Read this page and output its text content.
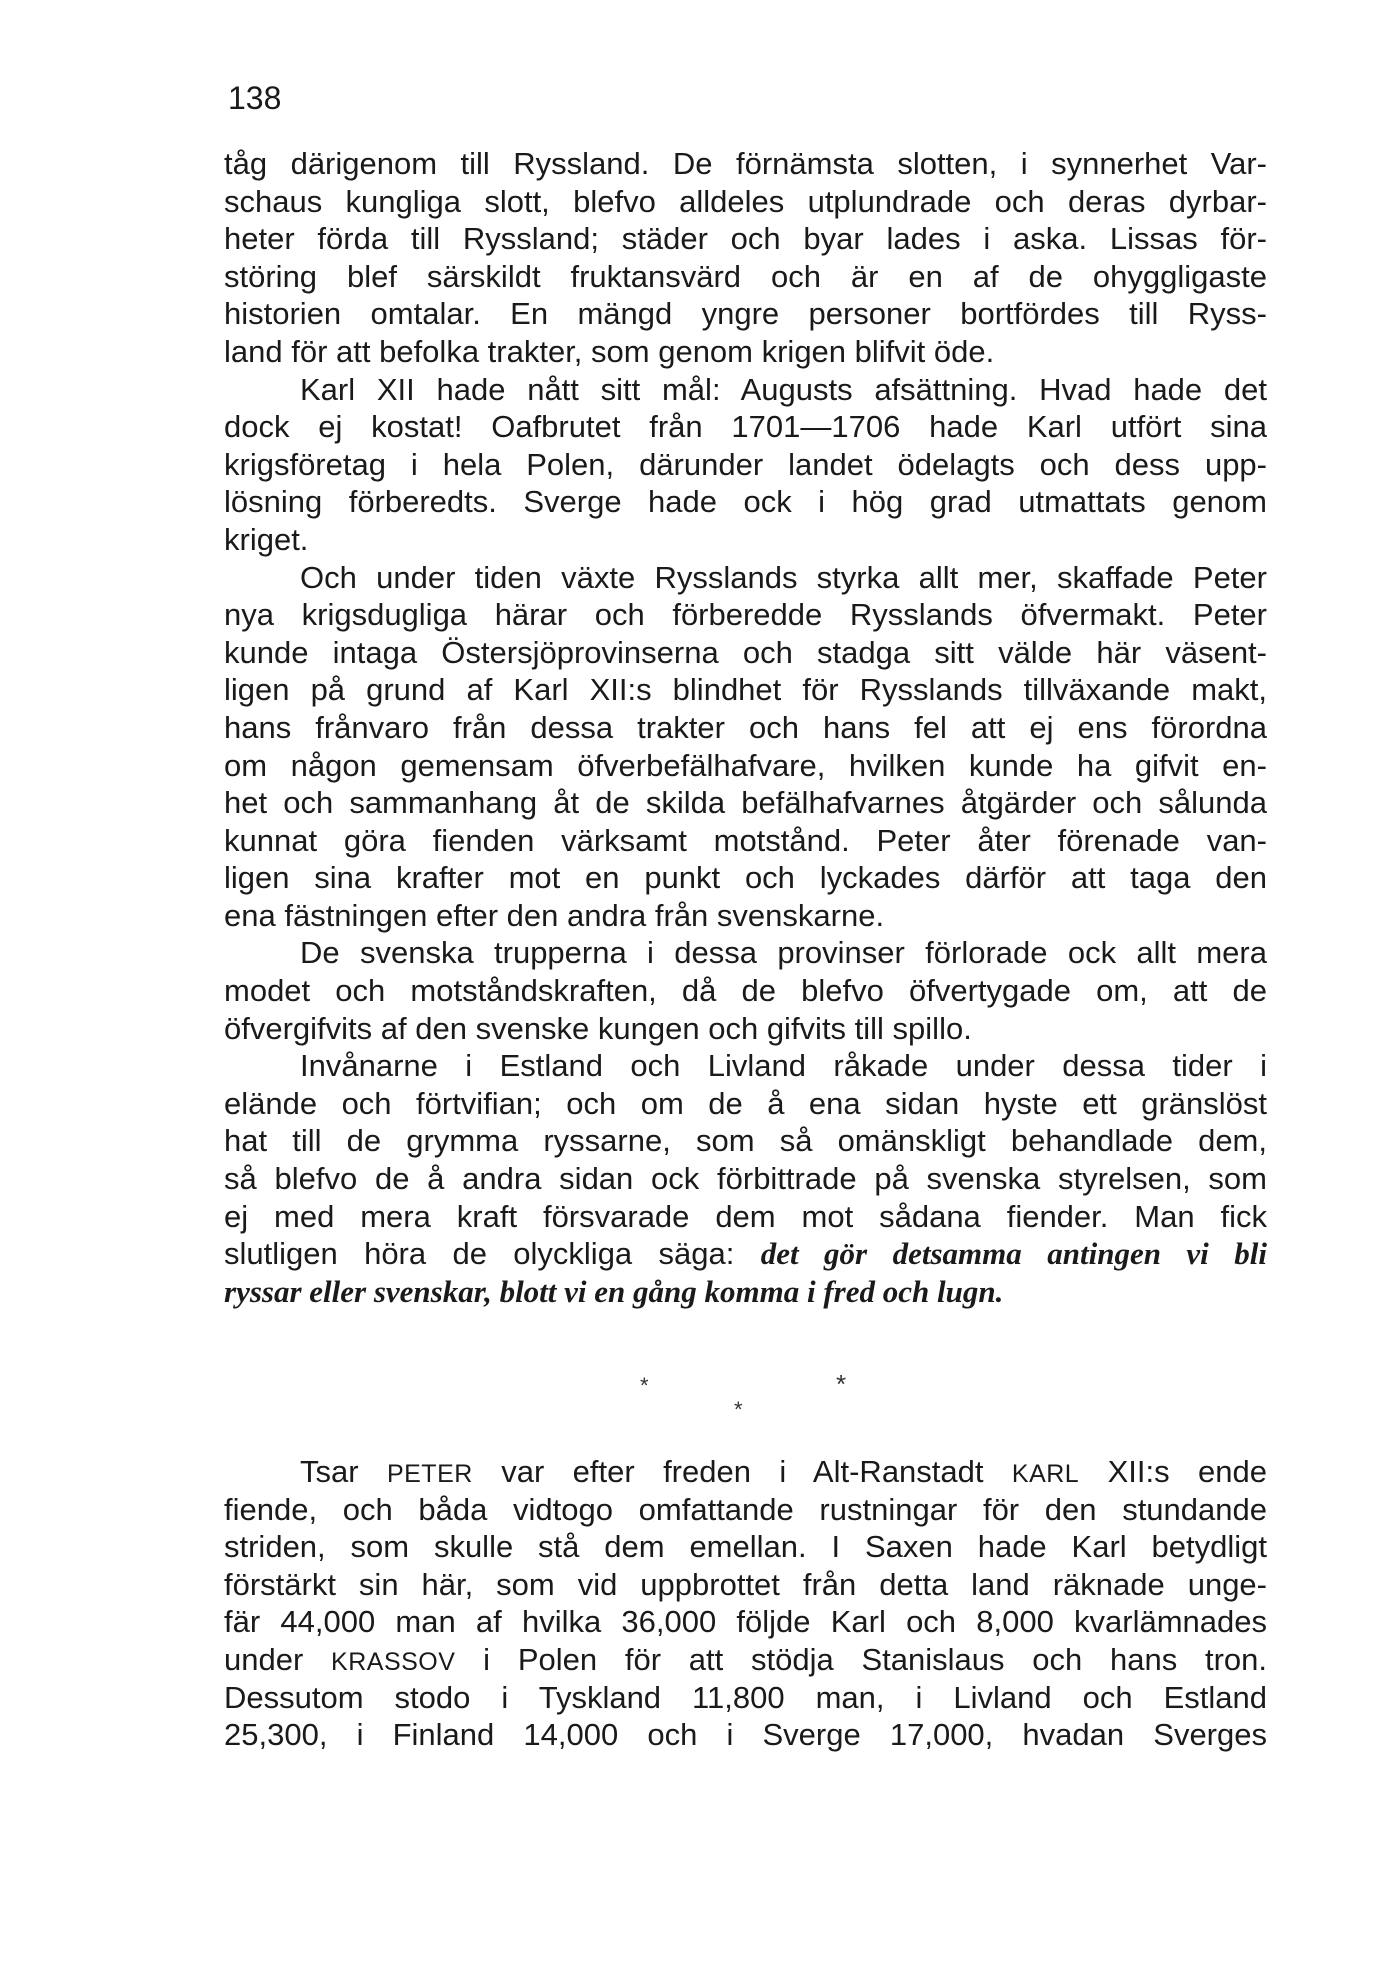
138
tåg därigenom till Ryssland. De förnämsta slotten, i synnerhet Var-
schaus kungliga slott, blefvo alldeles utplundrade och deras dyrbar-
heter förda till Ryssland; städer och byar lades i aska. Lissas för-
störing blef särskildt fruktansvärd och är en af de ohyggligaste
historien omtalar. En mängd yngre personer bortfördes till Ryss-
land för att befolka trakter, som genom krigen blifvit öde.
Karl XII hade nått sitt mål: Augusts afsättning. Hvad hade det
dock ej kostat! Oafbrutet från 1701—1706 hade Karl utfört sina
krigsföretag i hela Polen, därunder landet ödelagts och dess upp-
lösning förberedts. Sverge hade ock i hög grad utmattats genom
kriget.
Och under tiden växte Rysslands styrka allt mer, skaffade Peter
nya krigsdugliga härar och förberedde Rysslands öfvermakt. Peter
kunde intaga Östersjöprovinserna och stadga sitt välde här väsent-
ligen på grund af Karl XII:s blindhet för Rysslands tillväxande makt,
hans frånvaro från dessa trakter och hans fel att ej ens förordna
om någon gemensam öfverbefälhafvare, hvilken kunde ha gifvit en-
het och sammanhang åt de skilda befälhafvarnes åtgärder och sålunda
kunnat göra fienden värksamt motstånd. Peter åter förenade van-
ligen sina krafter mot en punkt och lyckades därför att taga den
ena fästningen efter den andra från svenskarne.
De svenska trupperna i dessa provinser förlorade ock allt mera
modet och motståndskraften, då de blefvo öfvertygade om, att de
öfvergifvits af den svenske kungen och gifvits till spillo.
Invånarne i Estland och Livland råkade under dessa tider i
elände och förtvifian; och om de å ena sidan hyste ett gränslöst
hat till de grymma ryssarne, som så omänskligt behandlade dem,
så blefvo de å andra sidan ock förbittrade på svenska styrelsen, som
ej med mera kraft försvarade dem mot sådana fiender. Man fick
slutligen höra de olyckliga säga: det gör detsamma antingen vi bli
ryssar eller svenskar, blott vi en gång komma i fred och lugn.
*	*
*
Tsar PETER var efter freden i Alt-Ranstadt KARL XII:s ende
fiende, och båda vidtogo omfattande rustningar för den stundande
striden, som skulle stå dem emellan. I Saxen hade Karl betydligt
förstärkt sin här, som vid uppbrottet från detta land räknade unge-
fär 44,000 man af hvilka 36,000 följde Karl och 8,000 kvarlämnades
under KRASSOV i Polen för att stödja Stanislaus och hans tron.
Dessutom stodo i Tyskland 11,800 man, i Livland och Estland
25,300, i Finland 14,000 och i Sverge 17,000, hvadan Sverges
